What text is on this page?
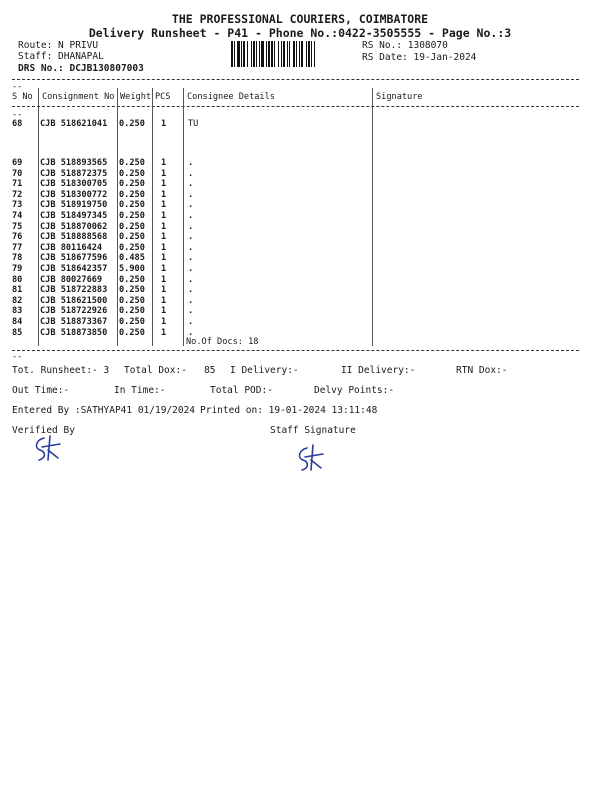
THE PROFESSIONAL COURIERS, COIMBATORE
Delivery Runsheet - P41 - Phone No.:0422-3505555 - Page No.:3
Route: N PRIVU
Staff: DHANAPAL
DRS No.: DCJB130807003
RS No.: 1308070
RS Date: 19-Jan-2024
--
S No Consignment No Weight PCS Consignee Details	Signature
--
68 CJB 518621041 0.250 1	TU
69 CJB 518893565 0.250 1	.
70 CJB 518872375 0.250 1	.
71 CJB 518300705 0.250 1	.
72 CJB 518300772 0.250 1	.
73 CJB 518919750 0.250 1	.
74 CJB 518497345 0.250 1	.
75 CJB 518870062 0.250 1	.
76 CJB 518888568 0.250 1	.
77 CJB 80116424 0.250 1	.
78 CJB 518677596 0.485 1	.
79 CJB 518642357 5.900 1	.
80 CJB 80027669 0.250 1	.
81 CJB 518722883 0.250 1	.
82 CJB 518621500 0.250 1	.
83 CJB 518722926 0.250 1	.
84 CJB 518873367 0.250 1	.
85 CJB 518873850 0.250 1	.
No.Of Docs: 18
--
Tot. Runsheet:- 3 Total Dox:-   85 I Delivery:-	II Delivery:-	RTN Dox:-
Out Time:-	In Time:-	Total POD:-	Delvy Points:-
Entered By :SATHYAP41 01/19/2024 Printed on: 19-01-2024 13:11:48
Verified By	Staff Signature
